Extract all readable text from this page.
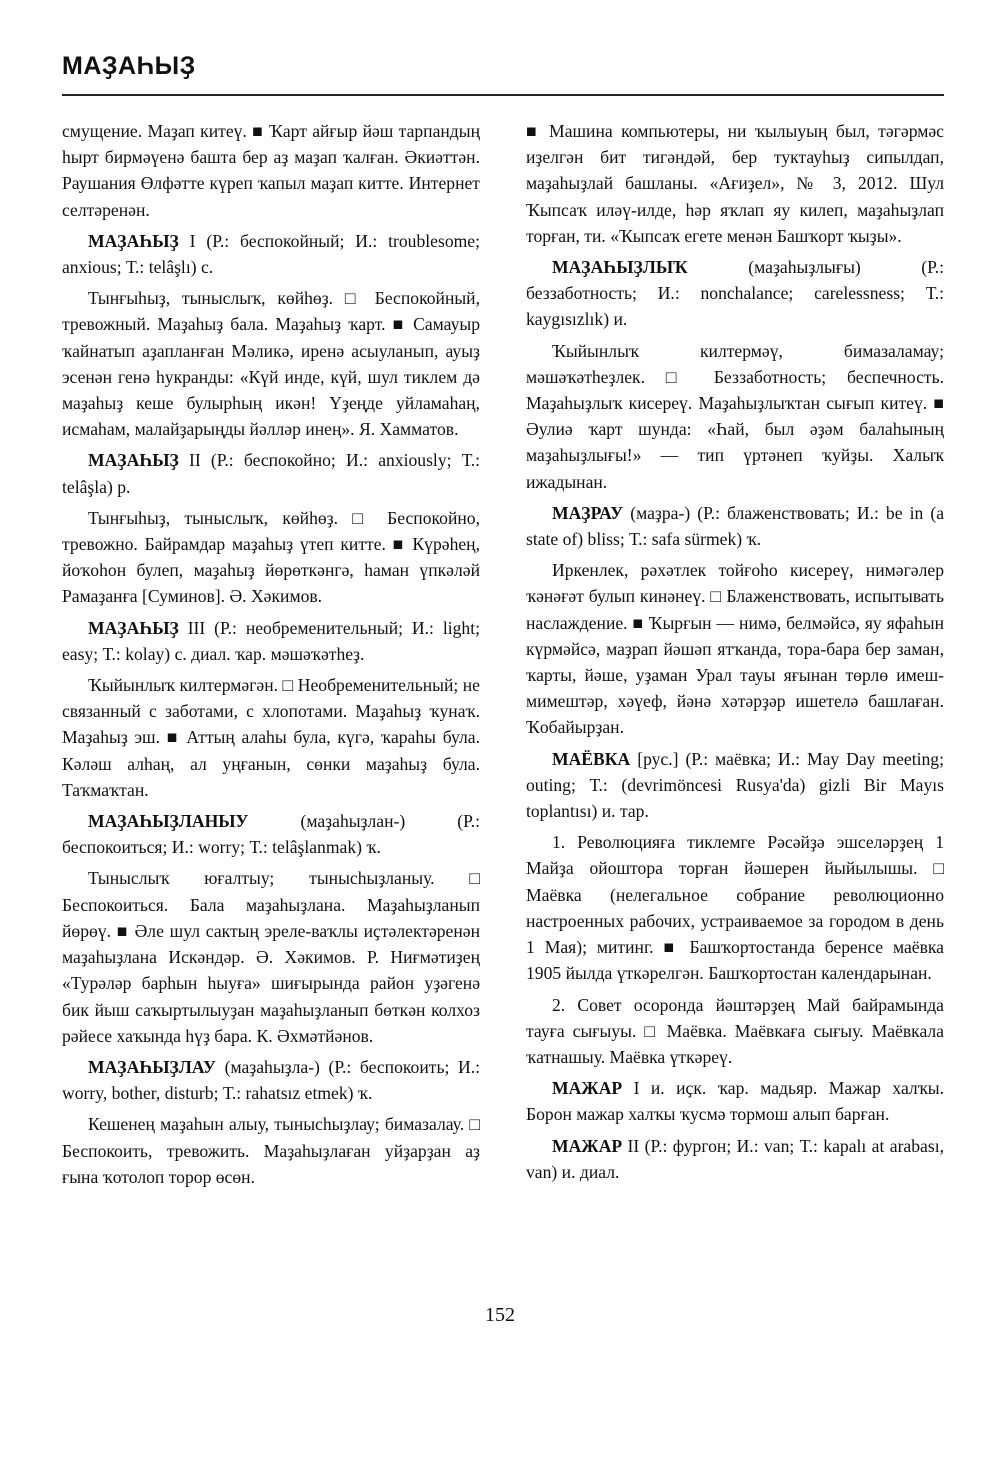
МАҘАҺЫҘ

смущение. Маҙап китеү. ■ Ҡарт айғыр йәш тарпандың һырт бирмәүенә башта бер аҙ маҙап ҡалған. Әкиәттән. Раушания Өлфәтте күреп ҡапыл маҙап китте. Интернет селтәренән.

МАҘАҺЫҘ I (Р.: беспокойный; И.: troublesome; anxious; Т.: telâşlı) с.

Тынғыһыҙ, тыныслыҡ, көйһөҙ. □ Беспокойный, тревожный. Маҙаһыҙ бала. Маҙаһыҙ ҡарт. ■ Самауыр ҡайнатып аҙапланған Мәликә, иренә асыуланып, ауыҙ эсенән генә һукранды: «Күй инде, күй, шул тиклем дә маҙаһыҙ кеше булырһың икән! Үҙеңде уйламаһаң, исмаһам, малайҙарыңды йәлләр инең». Я. Хамматов.

МАҘАҺЫҘ II (Р.: беспокойно; И.: anxiously; Т.: telâşla) р.

Тынғыһыҙ, тыныслыҡ, көйһөҙ. □ Беспокойно, тревожно. Байрамдар маҙаһыҙ үтеп китте. ■ Күрәһең, йоҡоһон булеп, маҙаһыҙ йөрөткәнгә, һаман үпкәләй Рамаҙанға [Суминов]. Ә. Хәкимов.

МАҘАҺЫҘ III (Р.: необременительный; И.: light; easy; Т.: kolay) с. диал. ҡар. мәшәҡәтһеҙ.

Ҡыйынлыҡ килтермәгән. □ Необременительный; не связанный с заботами, с хлопотами. Маҙаһыҙ ҡунаҡ. Маҙаһыҙ эш. ■ Аттың алаһы була, күгә, ҡараһы була. Кәләш алһаң, ал уңғанын, сөнки маҙаһыҙ була. Таҡмаҡтан.

МАҘАҺЫҘЛАНЫУ (маҙаһыҙлан-) (Р.: беспокоиться; И.: worry; Т.: telâşlanmak) ҡ.

Тыныслыҡ юғалтыу; тынысһыҙланыу. □ Беспокоиться. Бала маҙаһыҙлана. Маҙаһыҙланып йөрөү. ■ Әле шул сактың эреле-ваҡлы иҫтәлектәренән маҙаһыҙлана Искәндәр. Ә. Хәкимов. Р. Ниғмәтиҙең «Турәләр барһын һыуға» шиғырында район уҙәгенә бик йыш саҡыртылыуҙан маҙаһыҙланып бөткән колхоз рәйесе хаҡында һүҙ бара. К. Әхмәтйәнов.

МАҘАҺЫҘЛАУ (маҙаһыҙла-) (Р.: беспокоить; И.: worry, bother, disturb; Т.: rahatsız etmek) ҡ.

Кешенең маҙаһын алыу, тынысһыҙлау; бимазалау. □ Беспокоить, тревожить. Маҙаһыҙлаған уйҙарҙан аҙ ғына ҡотолоп торор өсөн.

■ Машина компьютеры, ни ҡылыуың был, тәгәрмәс иҙелгән бит тигәндәй, бер туктауһыҙ сипылдап, маҙаһыҙлай башланы. «Ағиҙел», № 3, 2012. Шул Ҡыпсаҡ иләү-илде, һәр яҡлап яу килеп, маҙаһыҙлап торған, ти. «Ҡыпсаҡ егете менән Башҡорт ҡыҙы».

МАҘАҺЫҘЛЫҠ (маҙаһыҙлығы) (Р.: беззаботность; И.: nonchalance; carelessness; Т.: kaygısızlık) и.

Ҡыйынлыҡ килтермәү, бимазаламау; мәшәҡәтһеҙлек. □ Беззаботность; беспечность. Маҙаһыҙлыҡ кисереү. Маҙаһыҙлыҡтан сығып китеү. ■ Әулиә ҡарт шунда: «Һай, был әҙәм балаһының маҙаһыҙлығы!» — тип үртәнеп ҡуйҙы. Халыҡ ижадынан.

МАҘРАУ (маҙра-) (Р.: блаженствовать; И.: be in (a state of) bliss; Т.: safa sürmek) ҡ.

Иркенлек, рәхәтлек тойғоһо кисереү, нимәгәлер ҡәнәғәт булып кинәнеү. □ Блаженствовать, испытывать наслаждение. ■ Ҡырғын — нимә, белмәйсә, яу яфаһын күрмәйсә, маҙрап йәшәп ятҡанда, тора-бара бер заман, ҡарты, йәше, уҙаман Урал тауы яғынан төрлө имеш-мимештәр, хәүеф, йәнә хәтәрҙәр ишетелә башлаған. Ҡобайырҙан.

МАЁВКА [рус.] (Р.: маёвка; И.: May Day meeting; outing; Т.: (devrimöncesi Rusya'da) gizli Bir Mayıs toplantısı) и. тар.

1. Революцияға тиклемге Рәсәйҙә эшселәрҙең 1 Майҙа ойоштора торған йәшерен йыйылышы. □ Маёвка (нелегальное собрание революционно настроенных рабочих, устраиваемое за городом в день 1 Мая); митинг. ■ Башҡортостанда беренсе маёвка 1905 йылда үткәрелгән. Башҡортостан календарынан.

2. Совет осоронда йәштәрҙең Май байрамында тауға сығыуы. □ Маёвка. Маёвкаға сығыу. Маёвкала ҡатнашыу. Маёвка үткәреү.

МАЖАР I и. иҫк. ҡар. мадьяр. Мажар халҡы. Борон мажар халҡы ҡусмә тормош алып барған.

МАЖАР II (Р.: фургон; И.: van; Т.: kapalı at arabası, van) и. диал.

152
